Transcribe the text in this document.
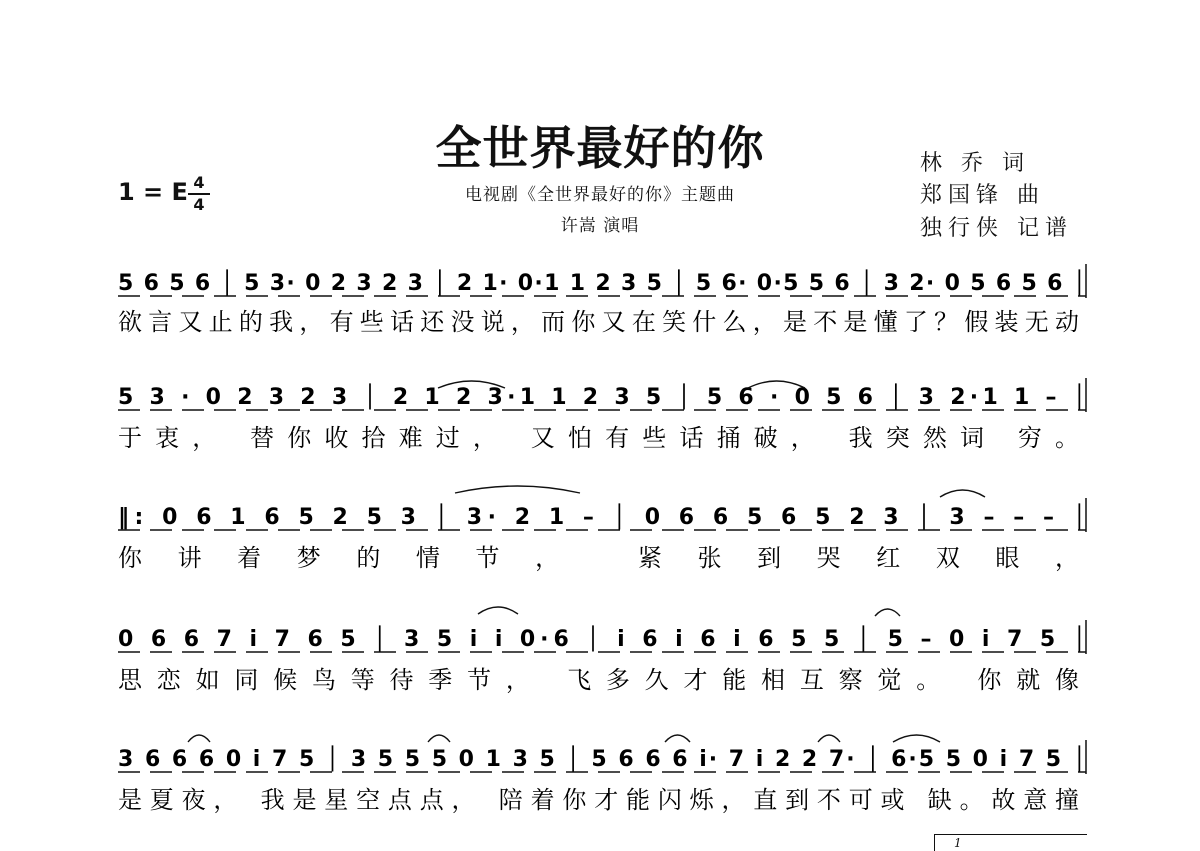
全世界最好的你
电视剧《全世界最好的你》主题曲
许嵩 演唱
林 乔 词
郑国锋 曲
独行侠 记谱
1 = E 4
4
5 6 5 6 │ 5 3· 0 2 3 2 3 │ 2 1· 0·1 1 2 3 5 │ 5 6· 0·5 5 6 │ 3 2· 0 5 6 5 6 │
欲言又止的我，有些话还没说，而你又在笑什么，是不是懂了？假装无动
5 3 · 0 2 3 2 3 │ 2 1 2 3·1 1 2 3 5 │ 5 6 · 0 5 6 │ 3 2·1 1 – │
于衷， 替你收拾难过， 又怕有些话捅破， 我突然词 穷。
‖: 0 6 1 6 5 2 5 3 │ 3· 2 1 – │ 0 6 6 5 6 5 2 3 │ 3 – – – │
你讲着梦的情节， 紧张到哭红双眼，
0 6 6 7 i 7 6 5 │ 3 5 i i 0·6 │ i 6 i 6 i 6 5 5 │ 5 – 0 i 7 5 │
思恋如同候鸟等待季节， 飞多久才能相互察觉。 你就像
3 6 6 6 0 i 7 5 │ 3 5 5 5 0 1 3 5 │ 5 6 6 6 i· 7 i 2 2 7· │ 6·5 5 0 i 7 5 │
是夏夜， 我是星空点点， 陪着你才能闪烁，直到不可或 缺。故意撞
1
